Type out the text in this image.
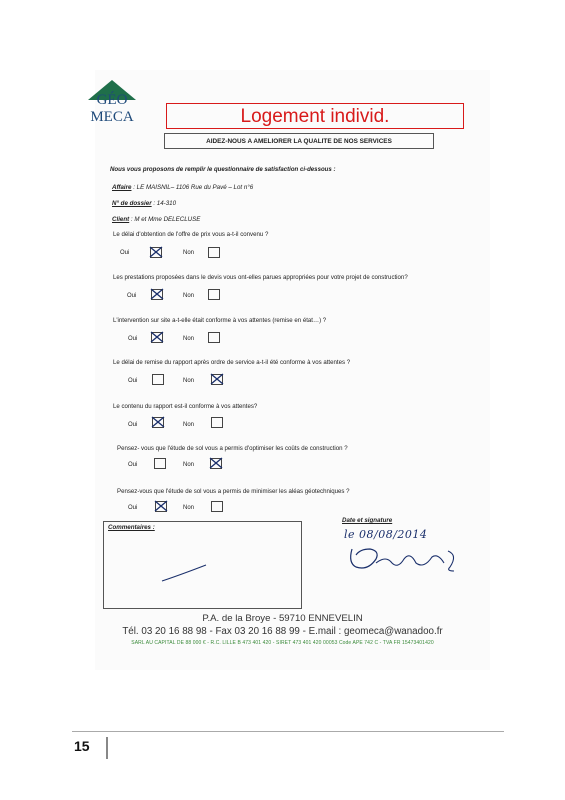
GÉO
MECA	Logement individ.
AIDEZ-NOUS A AMELIORER LA QUALITE DE NOS SERVICES
Nous vous proposons de remplir le questionnaire de satisfaction ci-dessous :
Affaire : LE MAISNIL– 1106 Rue du Pavé – Lot n°6
N° de dossier : 14-310
Client : M et Mme DELECLUSE
Le délai d'obtention de l'offre de prix vous a-t-il convenu ?
Oui	Non
Les prestations proposées dans le devis vous ont-elles parues appropriées pour votre projet de construction?
Oui	Non
L'intervention sur site a-t-elle était conforme à vos attentes (remise en état…) ?
Oui	Non
Le délai de remise du rapport après ordre de service a-t-il été conforme à vos attentes ?
Oui	Non
Le contenu du rapport est-il conforme à vos attentes?
Oui	Non
Pensez- vous que l'étude de sol vous a permis d'optimiser les coûts de construction ?
Oui	Non
Pensez-vous que l'étude de sol vous a permis de minimiser les aléas géotechniques ?
Oui	Non
Commentaires :
Date et signature
le 08/08/2014
P.A. de la Broye - 59710 ENNEVELIN
Tél. 03 20 16 88 98 - Fax 03 20 16 88 99 - E.mail : geomeca@wanadoo.fr
SARL AU CAPITAL DE 88 000 € - R.C. LILLE B 473 401 420 - SIRET 473 401 420 00053 Code APE 742 C - TVA FR 15473401420
15
